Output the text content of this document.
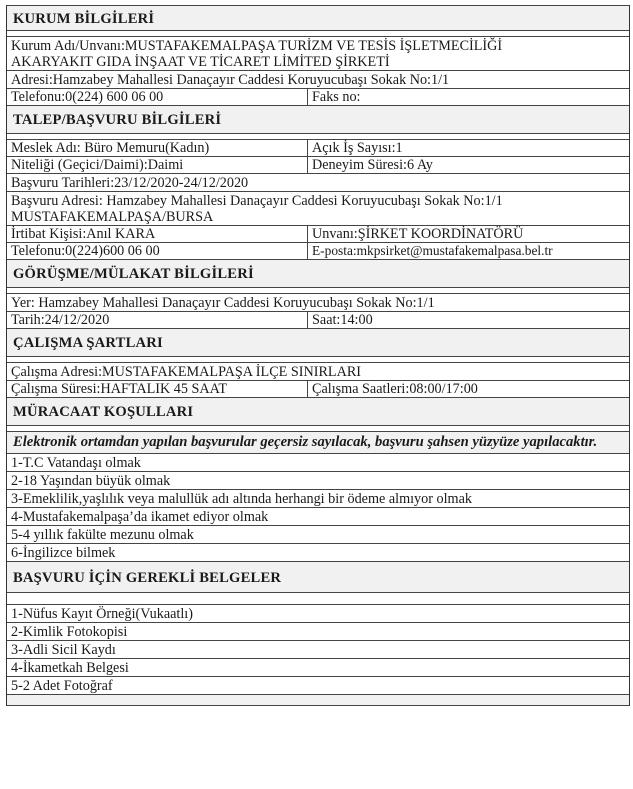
KURUM BİLGİLERİ
Kurum Adı/Unvanı:MUSTAFAKEMALPAŞA TURİZM VE TESİS İŞLETMECİLİĞİ AKARYAKIT GIDA İNŞAAT VE TİCARET LİMİTED ŞİRKETİ
Adresi:Hamzabey Mahallesi Danaçayır Caddesi Koruyucubaşı Sokak No:1/1
Telefonu:0(224) 600 06 00	Faks no:
TALEP/BAŞVURU BİLGİLERİ
Meslek Adı: Büro Memuru(Kadın)	Açık İş Sayısı:1
Niteliği (Geçici/Daimi):Daimi	Deneyim Süresi:6 Ay
Başvuru Tarihleri:23/12/2020-24/12/2020
Başvuru Adresi: Hamzabey Mahallesi Danaçayır Caddesi Koruyucubaşı Sokak No:1/1 MUSTAFAKEMALPAŞA/BURSA
İrtibat Kişisi:Anıl KARA	Unvanı:ŞİRKET KOORDİNATÖRÜ
Telefonu:0(224)600 06 00	E-posta:mkpsirket@mustafakemalpasa.bel.tr
GÖRÜŞME/MÜLAKAT BİLGİLERİ
Yer: Hamzabey Mahallesi Danaçayır Caddesi Koruyucubaşı Sokak No:1/1
Tarih:24/12/2020	Saat:14:00
ÇALIŞMA ŞARTLARI
Çalışma Adresi:MUSTAFAKEMALPAŞA İLÇE SINIRLARI
Çalışma Süresi:HAFTALIK 45 SAAT	Çalışma Saatleri:08:00/17:00
MÜRACAAT KOŞULLARI
Elektronik ortamdan yapılan başvurular geçersiz sayılacak, başvuru şahsen yüzyüze yapılacaktır.
1-T.C Vatandaşı olmak
2-18 Yaşından büyük olmak
3-Emeklilik,yaşlılık veya malullük adı altında herhangi bir ödeme almıyor olmak
4-Mustafakemalpaşa’da ikamet ediyor olmak
5-4 yıllık fakülte mezunu olmak
6-İngilizce bilmek
BAŞVURU İÇİN GEREKLİ BELGELER
1-Nüfus Kayıt Örneği(Vukaatlı)
2-Kimlik Fotokopisi
3-Adli Sicil Kaydı
4-İkametkah Belgesi
5-2 Adet Fotoğraf
